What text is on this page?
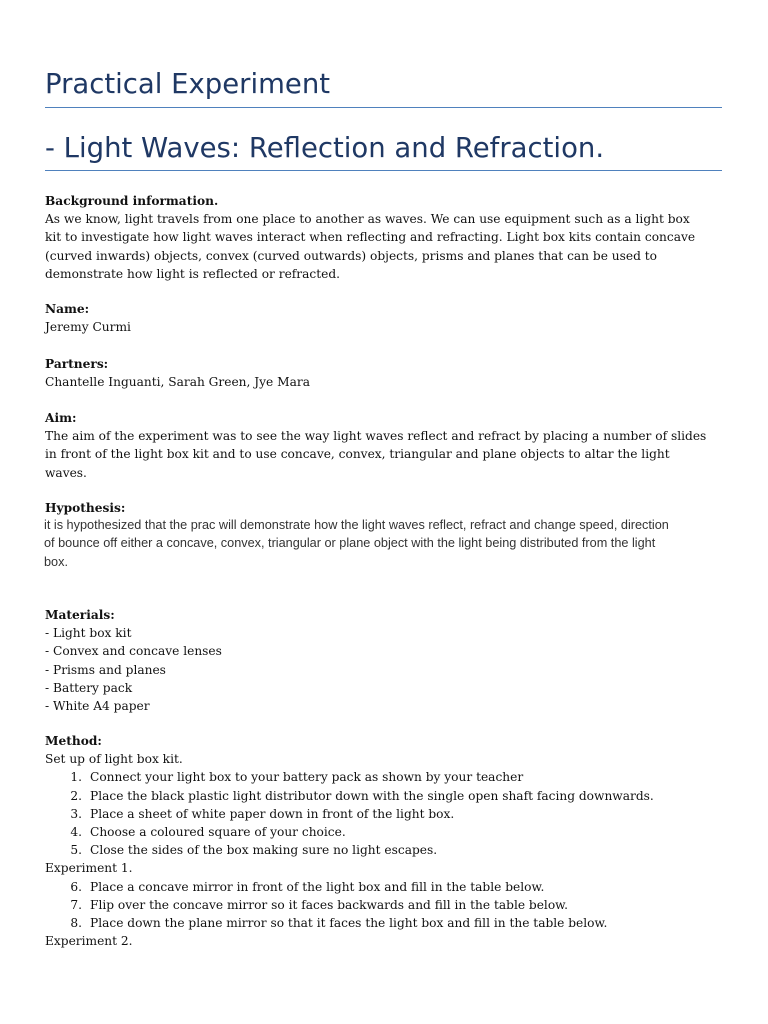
Practical Experiment
- Light Waves: Reflection and Refraction.
Background information.
As we know, light travels from one place to another as waves. We can use equipment such as a light box
kit to investigate how light waves interact when reflecting and refracting. Light box kits contain concave
(curved inwards) objects, convex (curved outwards) objects, prisms and planes that can be used to
demonstrate how light is reflected or refracted.
Name:
Jeremy Curmi
Partners:
Chantelle Inguanti, Sarah Green, Jye Mara
Aim:
The aim of the experiment was to see the way light waves reflect and refract by placing a number of slides
in front of the light box kit and to use concave, convex, triangular and plane objects to altar the light
waves.
Hypothesis:
it is hypothesized that the prac will demonstrate how the light waves reflect, refract and change speed, direction
of bounce off either a concave, convex, triangular or plane object with the light being distributed from the light
box.
Materials:
- Light box kit
- Convex and concave lenses
- Prisms and planes
- Battery pack
- White A4 paper
Method:
Set up of light box kit.
1. Connect your light box to your battery pack as shown by your teacher
2. Place the black plastic light distributor down with the single open shaft facing downwards.
3. Place a sheet of white paper down in front of the light box.
4. Choose a coloured square of your choice.
5. Close the sides of the box making sure no light escapes.
Experiment 1.
6. Place a concave mirror in front of the light box and fill in the table below.
7. Flip over the concave mirror so it faces backwards and fill in the table below.
8. Place down the plane mirror so that it faces the light box and fill in the table below.
Experiment 2.
